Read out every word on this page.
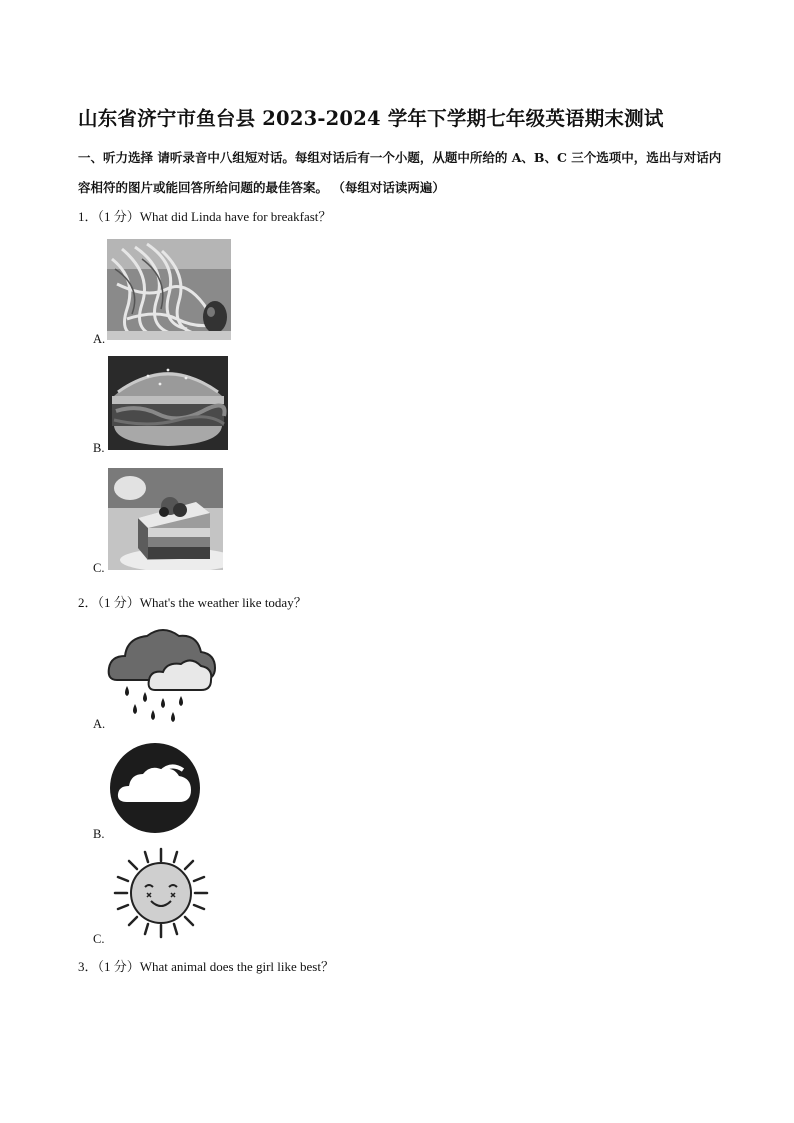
山东省济宁市鱼台县 2023-2024 学年下学期七年级英语期末测试
一、听力选择 请听录音中八组短对话。每组对话后有一个小题，从题中所给的 A、B、C 三个选项中，选出与对话内容相符的图片或能回答所给问题的最佳答案。 （每组对话读两遍）
1．（1 分）What did Linda have for breakfast？
A.
B.
C.
2．（1 分）What's the weather like today？
A.
B.
C.
3．（1 分）What animal does the girl like best？
